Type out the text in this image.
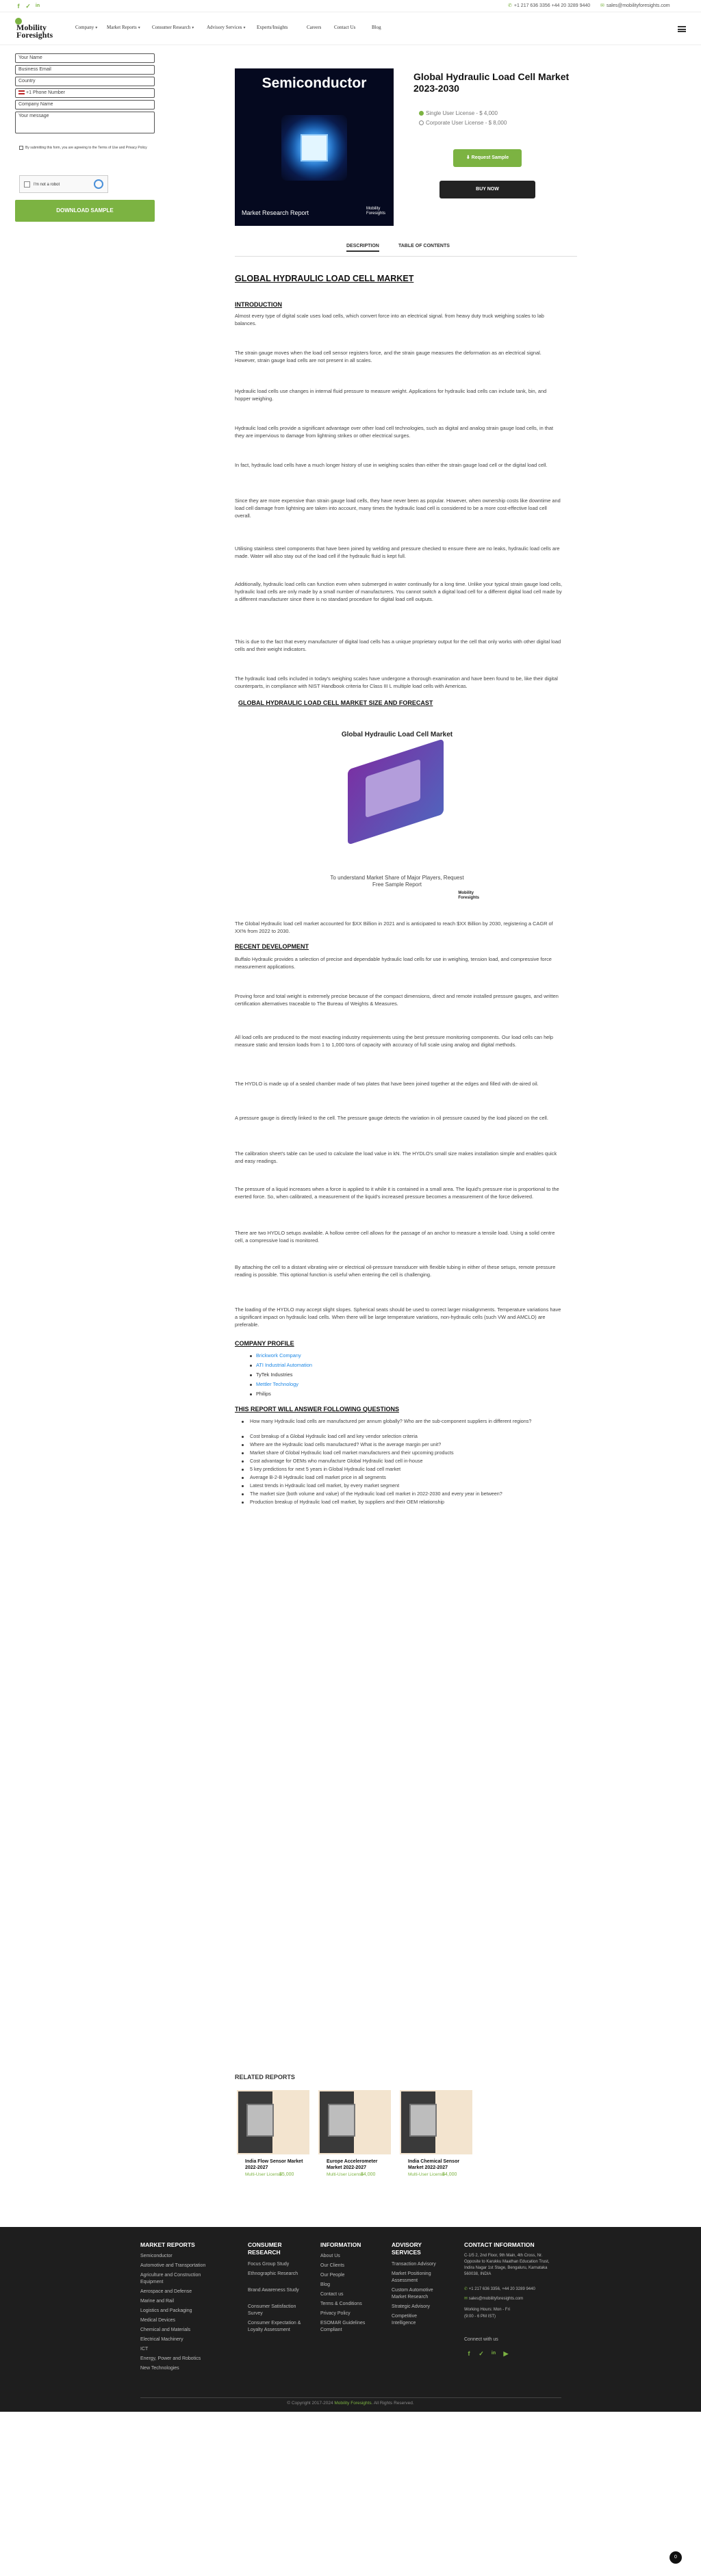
f ✓ in	✆ +1 217 636 3356 +44 20 3289 9440 ✉ sales@mobilityforesights.com
Mobility
Foresights
Company ▾ Market Reports ▾ Consumer Research ▾	Advisory Services ▾ Experts/Insights	Careers	Contact Us	Blog
Your Name
Business Email
Country
+1 Phone Number
Company Name
Your message
By submitting this form, you are agreeing to the Terms of Use and Privacy Policy
I'm not a robot
DOWNLOAD SAMPLE
Semiconductor
Market Research Report
Mobility
Foresights
Global Hydraulic Load Cell Market 2023-2030
Single User License - $ 4,000
Corporate User License - $ 8,000
⬇ Request Sample
BUY NOW
DESCRIPTION	TABLE OF CONTENTS
GLOBAL HYDRAULIC LOAD CELL MARKET
INTRODUCTION

Almost every type of digital scale uses load cells, which convert force into an electrical signal. from heavy duty truck weighing scales to lab balances.

The strain gauge moves when the load cell sensor registers force, and the strain gauge measures the deformation as an electrical signal. However, strain gauge load cells are not present in all scales.

Hydraulic load cells use changes in internal fluid pressure to measure weight. Applications for hydraulic load cells can include tank, bin, and hopper weighing.

Hydraulic load cells provide a significant advantage over other load cell technologies, such as digital and analog strain gauge load cells, in that they are impervious to damage from lightning strikes or other electrical surges.

In fact, hydraulic load cells have a much longer history of use in weighing scales than either the strain gauge load cell or the digital load cell.

Since they are more expensive than strain gauge load cells, they have never been as popular. However, when ownership costs like downtime and load cell damage from lightning are taken into account, many times the hydraulic load cell is considered to be a more cost-effective load cell overall.

Utilising stainless steel components that have been joined by welding and pressure checked to ensure there are no leaks, hydraulic load cells are made. Water will also stay out of the load cell if the hydraulic fluid is kept full.

Additionally, hydraulic load cells can function even when submerged in water continually for a long time. Unlike your typical strain gauge load cells, hydraulic load cells are only made by a small number of manufacturers. You cannot switch a digital load cell for a different digital load cell made by a different manufacturer since there is no standard procedure for digital load cell outputs.

This is due to the fact that every manufacturer of digital load cells has a unique proprietary output for the cell that only works with other digital load cells and their weight indicators.

The hydraulic load cells included in today's weighing scales have undergone a thorough examination and have been found to be, like their digital counterparts, in compliance with NIST Handbook criteria for Class III L multiple load cells with Americas.

GLOBAL HYDRAULIC LOAD CELL MARKET SIZE AND FORECAST
Global Hydraulic Load Cell Market
To understand Market Share of Major Players, Request Free Sample Report
Mobility
Foresights

The Global Hydraulic load cell market accounted for $XX Billion in 2021 and is anticipated to reach $XX Billion by 2030, registering a CAGR of XX% from 2022 to 2030.

RECENT DEVELOPMENT

Buffalo Hydraulic provides a selection of precise and dependable hydraulic load cells for use in weighing, tension load, and compressive force measurement applications.

Proving force and total weight is extremely precise because of the compact dimensions, direct and remote installed pressure gauges, and written certification alternatives traceable to The Bureau of Weights & Measures.

All load cells are produced to the most exacting industry requirements using the best pressure monitoring components. Our load cells can help measure static and tension loads from 1 to 1,000 tons of capacity with accuracy of full scale using analog and digital methods.

The HYDLO is made up of a sealed chamber made of two plates that have been joined together at the edges and filled with de-aired oil.

A pressure gauge is directly linked to the cell. The pressure gauge detects the variation in oil pressure caused by the load placed on the cell.

The calibration sheet's table can be used to calculate the load value in kN. The HYDLO's small size makes installation simple and enables quick and easy readings.

The pressure of a liquid increases when a force is applied to it while it is contained in a small area. The liquid's pressure rise is proportional to the exerted force. So, when calibrated, a measurement of the liquid's increased pressure becomes a measurement of the force delivered.

There are two HYDLO setups available. A hollow centre cell allows for the passage of an anchor to measure a tensile load. Using a solid centre cell, a compressive load is monitored.

By attaching the cell to a distant vibrating wire or electrical oil-pressure transducer with flexible tubing in either of these setups, remote pressure reading is possible. This optional function is useful when entering the cell is challenging.

The loading of the HYDLO may accept slight slopes. Spherical seats should be used to correct larger misalignments. Temperature variations have a significant impact on hydraulic load cells. When there will be large temperature variations, non-hydraulic cells (such VW and AMCLO) are preferable.

COMPANY PROFILE
Brickwork Company
ATI Industrial Automation
TyTek Industries
Mettler Technology
Philips
THIS REPORT WILL ANSWER FOLLOWING QUESTIONS
How many Hydraulic load cells are manufactured per annum globally? Who are the sub-component suppliers in different regions?
Cost breakup of a Global Hydraulic load cell and key vendor selection criteria
Where are the Hydraulic load cells manufactured? What is the average margin per unit?
Market share of Global Hydraulic load cell market manufacturers and their upcoming products
Cost advantage for OEMs who manufacture Global Hydraulic load cell in-house
5 key predictions for next 5 years in Global Hydraulic load cell market
Average B-2-B Hydraulic load cell market price in all segments
Latest trends in Hydraulic load cell market, by every market segment
The market size (both volume and value) of the Hydraulic load cell market in 2022-2030 and every year in between?
Production breakup of Hydraulic load cell market, by suppliers and their OEM relationship
RELATED REPORTS
India Flow Sensor Market 2022-2027
Multi-User License
$5,000
Europe Accelerometer Market 2022-2027
Multi-User License
$4,000
India Chemical Sensor Market 2022-2027
Multi-User License
$4,000
MARKET REPORTS
Semiconductor
Automotive and Transportation
Agriculture and Construction Equipment
Aerospace and Defense
Marine and Rail
Logistics and Packaging
Medical Devices
Chemical and Materials
Electrical Machinery
ICT
Energy, Power and Robotics
New Technologies
CONSUMER RESEARCH
Focus Group Study
Ethnographic Research
Brand Awareness Study
Consumer Satisfaction Survey
Consumer Expectation & Loyalty Assessment
INFORMATION
About Us
Our Clients
Our People
Blog
Contact us
Terms & Conditions
Privacy Policy
ESOMAR Guidelines Compliant
ADVISORY SERVICES
Transaction Advisory
Market Positioning Assessment
Custom Automotive Market Research
Strategic Advisory
Competitive Intelligence
CONTACT INFORMATION
C-1/5 2, 2nd Floor, 9th Main, 4th Cross, Nr. Opposite to Karukku Maathan Education Trust, Indira Nagar 1st Stage, Bengaluru, Karnataka 560038, INDIA
✆ +1 217 636 3356, +44 20 3289 9440
✉ sales@mobilityforesights.com
Working Hours: Mon - Fri (9:00 - 6 PM IST)
Connect with us
f	✓ in ▶
© Copyright 2017-2024 Mobility Foresights. All Rights Reserved.
0
